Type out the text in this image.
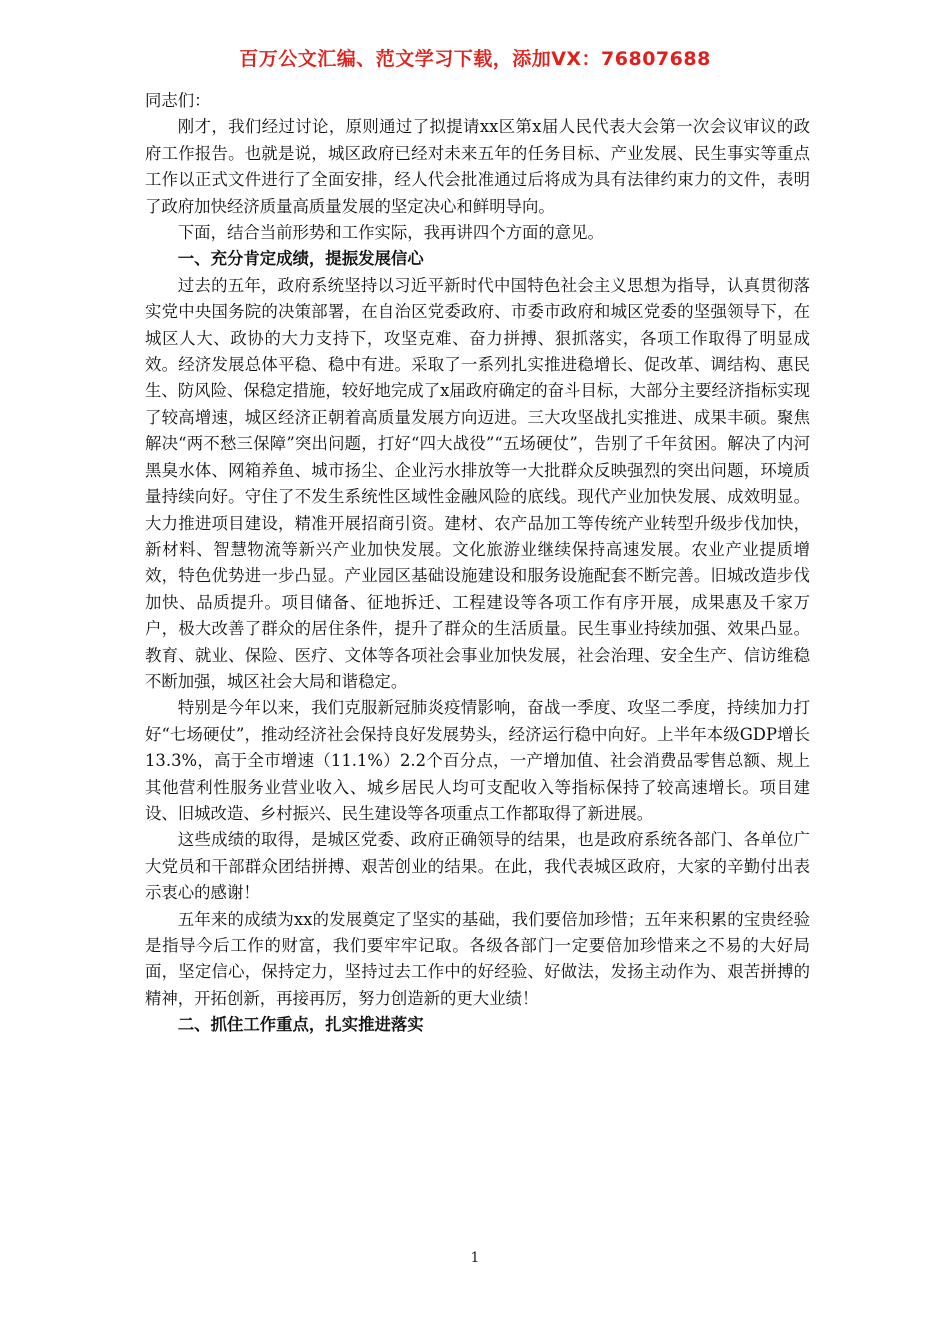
百万公文汇编、范文学习下载，添加VX：76807688

同志们：

刚才，我们经过讨论，原则通过了拟提请xx区第x届人民代表大会第一次会议审议的政府工作报告。也就是说，城区政府已经对未来五年的任务目标、产业发展、民生事实等重点工作以正式文件进行了全面安排，经人代会批准通过后将成为具有法律约束力的文件，表明了政府加快经济质量高质量发展的坚定决心和鲜明导向。

下面，结合当前形势和工作实际，我再讲四个方面的意见。

一、充分肯定成绩，提振发展信心

过去的五年，政府系统坚持以习近平新时代中国特色社会主义思想为指导，认真贯彻落实党中央国务院的决策部署，在自治区党委政府、市委市政府和城区党委的坚强领导下，在城区人大、政协的大力支持下，攻坚克难、奋力拼搏、狠抓落实，各项工作取得了明显成效。经济发展总体平稳、稳中有进。采取了一系列扎实推进稳增长、促改革、调结构、惠民生、防风险、保稳定措施，较好地完成了x届政府确定的奋斗目标，大部分主要经济指标实现了较高增速，城区经济正朝着高质量发展方向迈进。三大攻坚战扎实推进、成果丰硕。聚焦解决“两不愁三保障”突出问题，打好“四大战役”“五场硬仗”，告别了千年贫困。解决了内河黑臭水体、网箱养鱼、城市扬尘、企业污水排放等一大批群众反映强烈的突出问题，环境质量持续向好。守住了不发生系统性区域性金融风险的底线。现代产业加快发展、成效明显。大力推进项目建设，精准开展招商引资。建材、农产品加工等传统产业转型升级步伐加快，新材料、智慧物流等新兴产业加快发展。文化旅游业继续保持高速发展。农业产业提质增效，特色优势进一步凸显。产业园区基础设施建设和服务设施配套不断完善。旧城改造步伐加快、品质提升。项目储备、征地拆迁、工程建设等各项工作有序开展，成果惠及千家万户，极大改善了群众的居住条件，提升了群众的生活质量。民生事业持续加强、效果凸显。教育、就业、保险、医疗、文体等各项社会事业加快发展，社会治理、安全生产、信访维稳不断加强，城区社会大局和谐稳定。

特别是今年以来，我们克服新冠肺炎疫情影响，奋战一季度、攻坚二季度，持续加力打好“七场硬仗”，推动经济社会保持良好发展势头，经济运行稳中向好。上半年本级GDP增长13.3%，高于全市增速（11.1%）2.2个百分点，一产增加值、社会消费品零售总额、规上其他营利性服务业营业收入、城乡居民人均可支配收入等指标保持了较高速增长。项目建设、旧城改造、乡村振兴、民生建设等各项重点工作都取得了新进展。

这些成绩的取得，是城区党委、政府正确领导的结果，也是政府系统各部门、各单位广大党员和干部群众团结拼搏、艰苦创业的结果。在此，我代表城区政府，大家的辛勤付出表示衷心的感谢！

五年来的成绩为xx的发展奠定了坚实的基础，我们要倍加珍惜；五年来积累的宝贵经验是指导今后工作的财富，我们要牢牢记取。各级各部门一定要倍加珍惜来之不易的大好局面，坚定信心，保持定力，坚持过去工作中的好经验、好做法，发扬主动作为、艰苦拼搏的精神，开拓创新，再接再厉，努力创造新的更大业绩！

二、抓住工作重点，扎实推进落实

1
